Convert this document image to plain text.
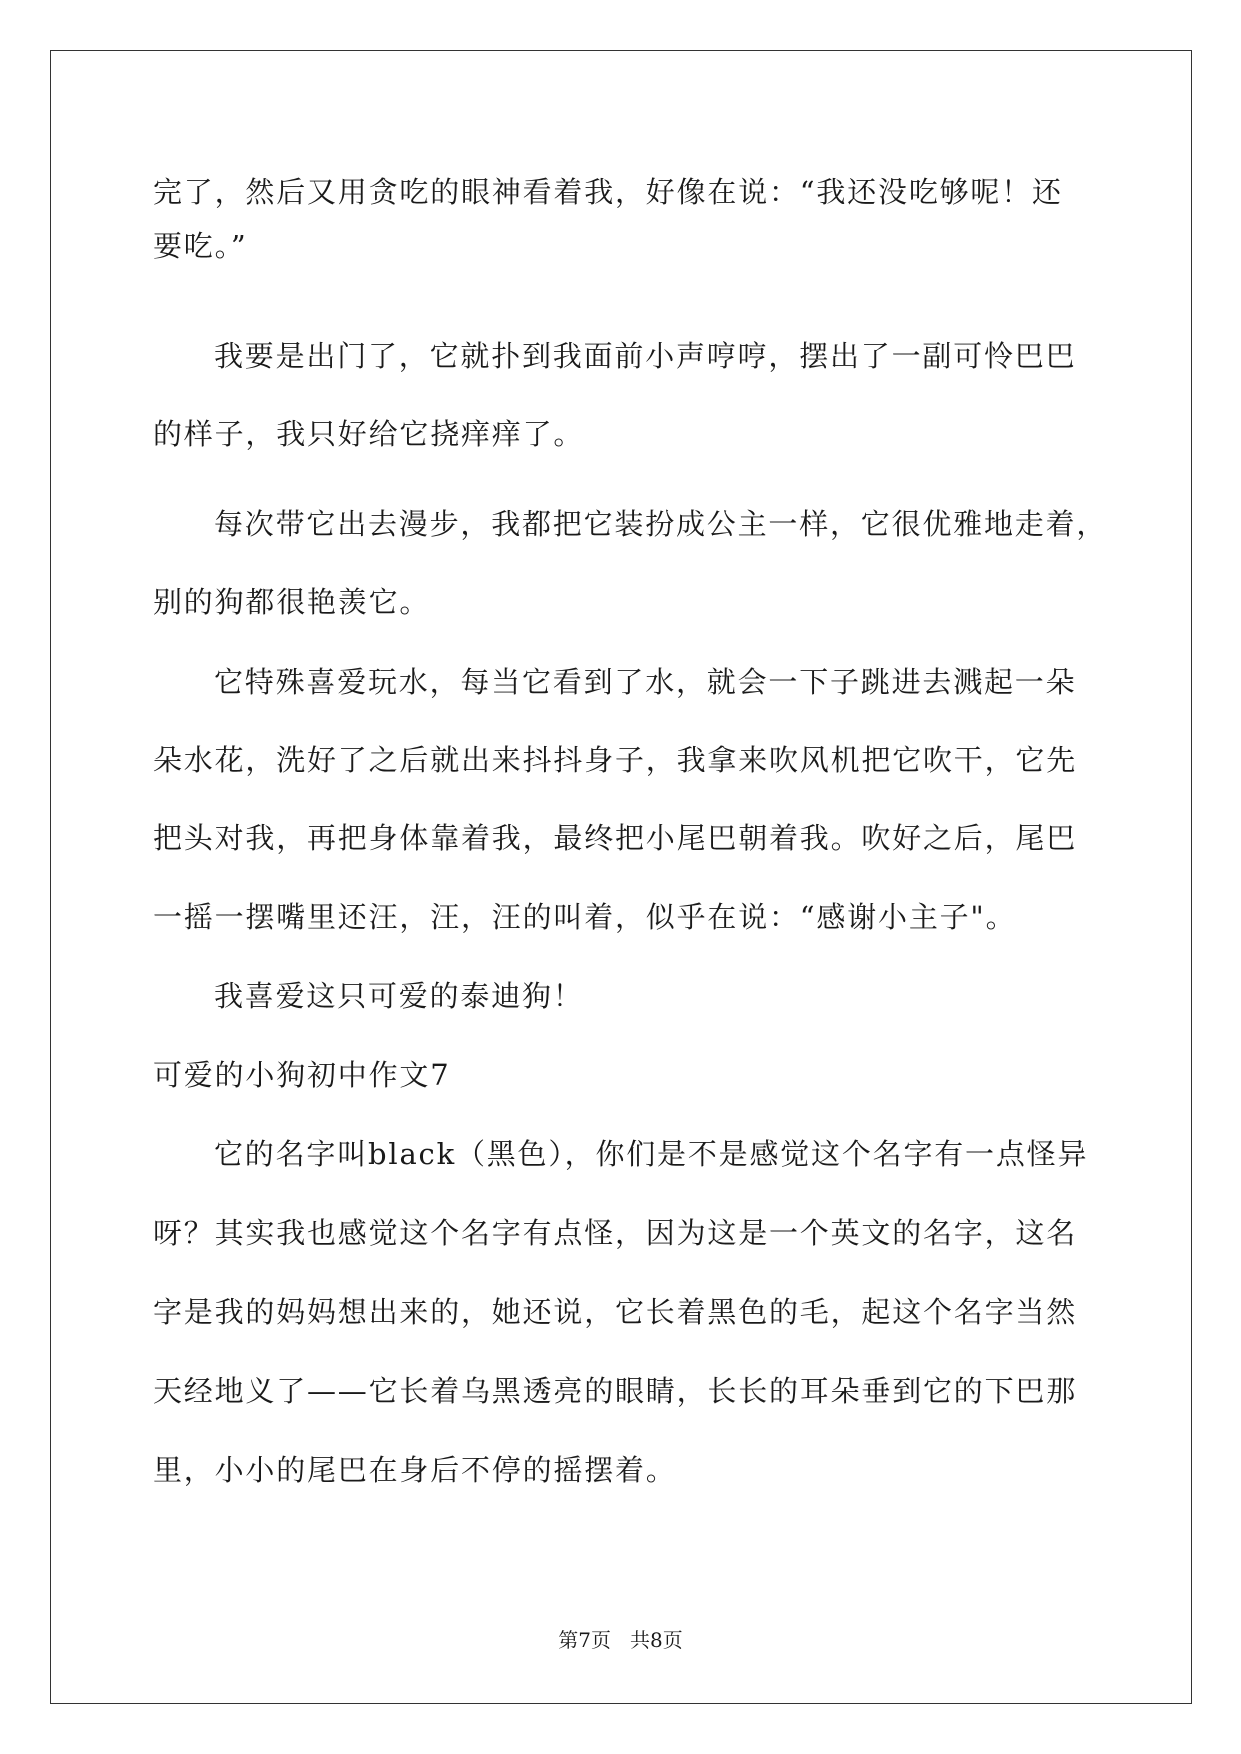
完了，然后又用贪吃的眼神看着我，好像在说：“我还没吃够呢！还
要吃。”
我要是出门了，它就扑到我面前小声哼哼，摆出了一副可怜巴巴
的样子，我只好给它挠痒痒了。
每次带它出去漫步，我都把它装扮成公主一样，它很优雅地走着，
别的狗都很艳羡它。
它特殊喜爱玩水，每当它看到了水，就会一下子跳进去溅起一朵
朵水花，洗好了之后就出来抖抖身子，我拿来吹风机把它吹干，它先
把头对我，再把身体靠着我，最终把小尾巴朝着我。吹好之后，尾巴
一摇一摆嘴里还汪，汪，汪的叫着，似乎在说：“感谢小主子"。
我喜爱这只可爱的泰迪狗！
可爱的小狗初中作文7
它的名字叫black（黑色），你们是不是感觉这个名字有一点怪异
呀？其实我也感觉这个名字有点怪，因为这是一个英文的名字，这名
字是我的妈妈想出来的，她还说，它长着黑色的毛，起这个名字当然
天经地义了——它长着乌黑透亮的眼睛，长长的耳朵垂到它的下巴那
里，小小的尾巴在身后不停的摇摆着。
第7页   共8页
